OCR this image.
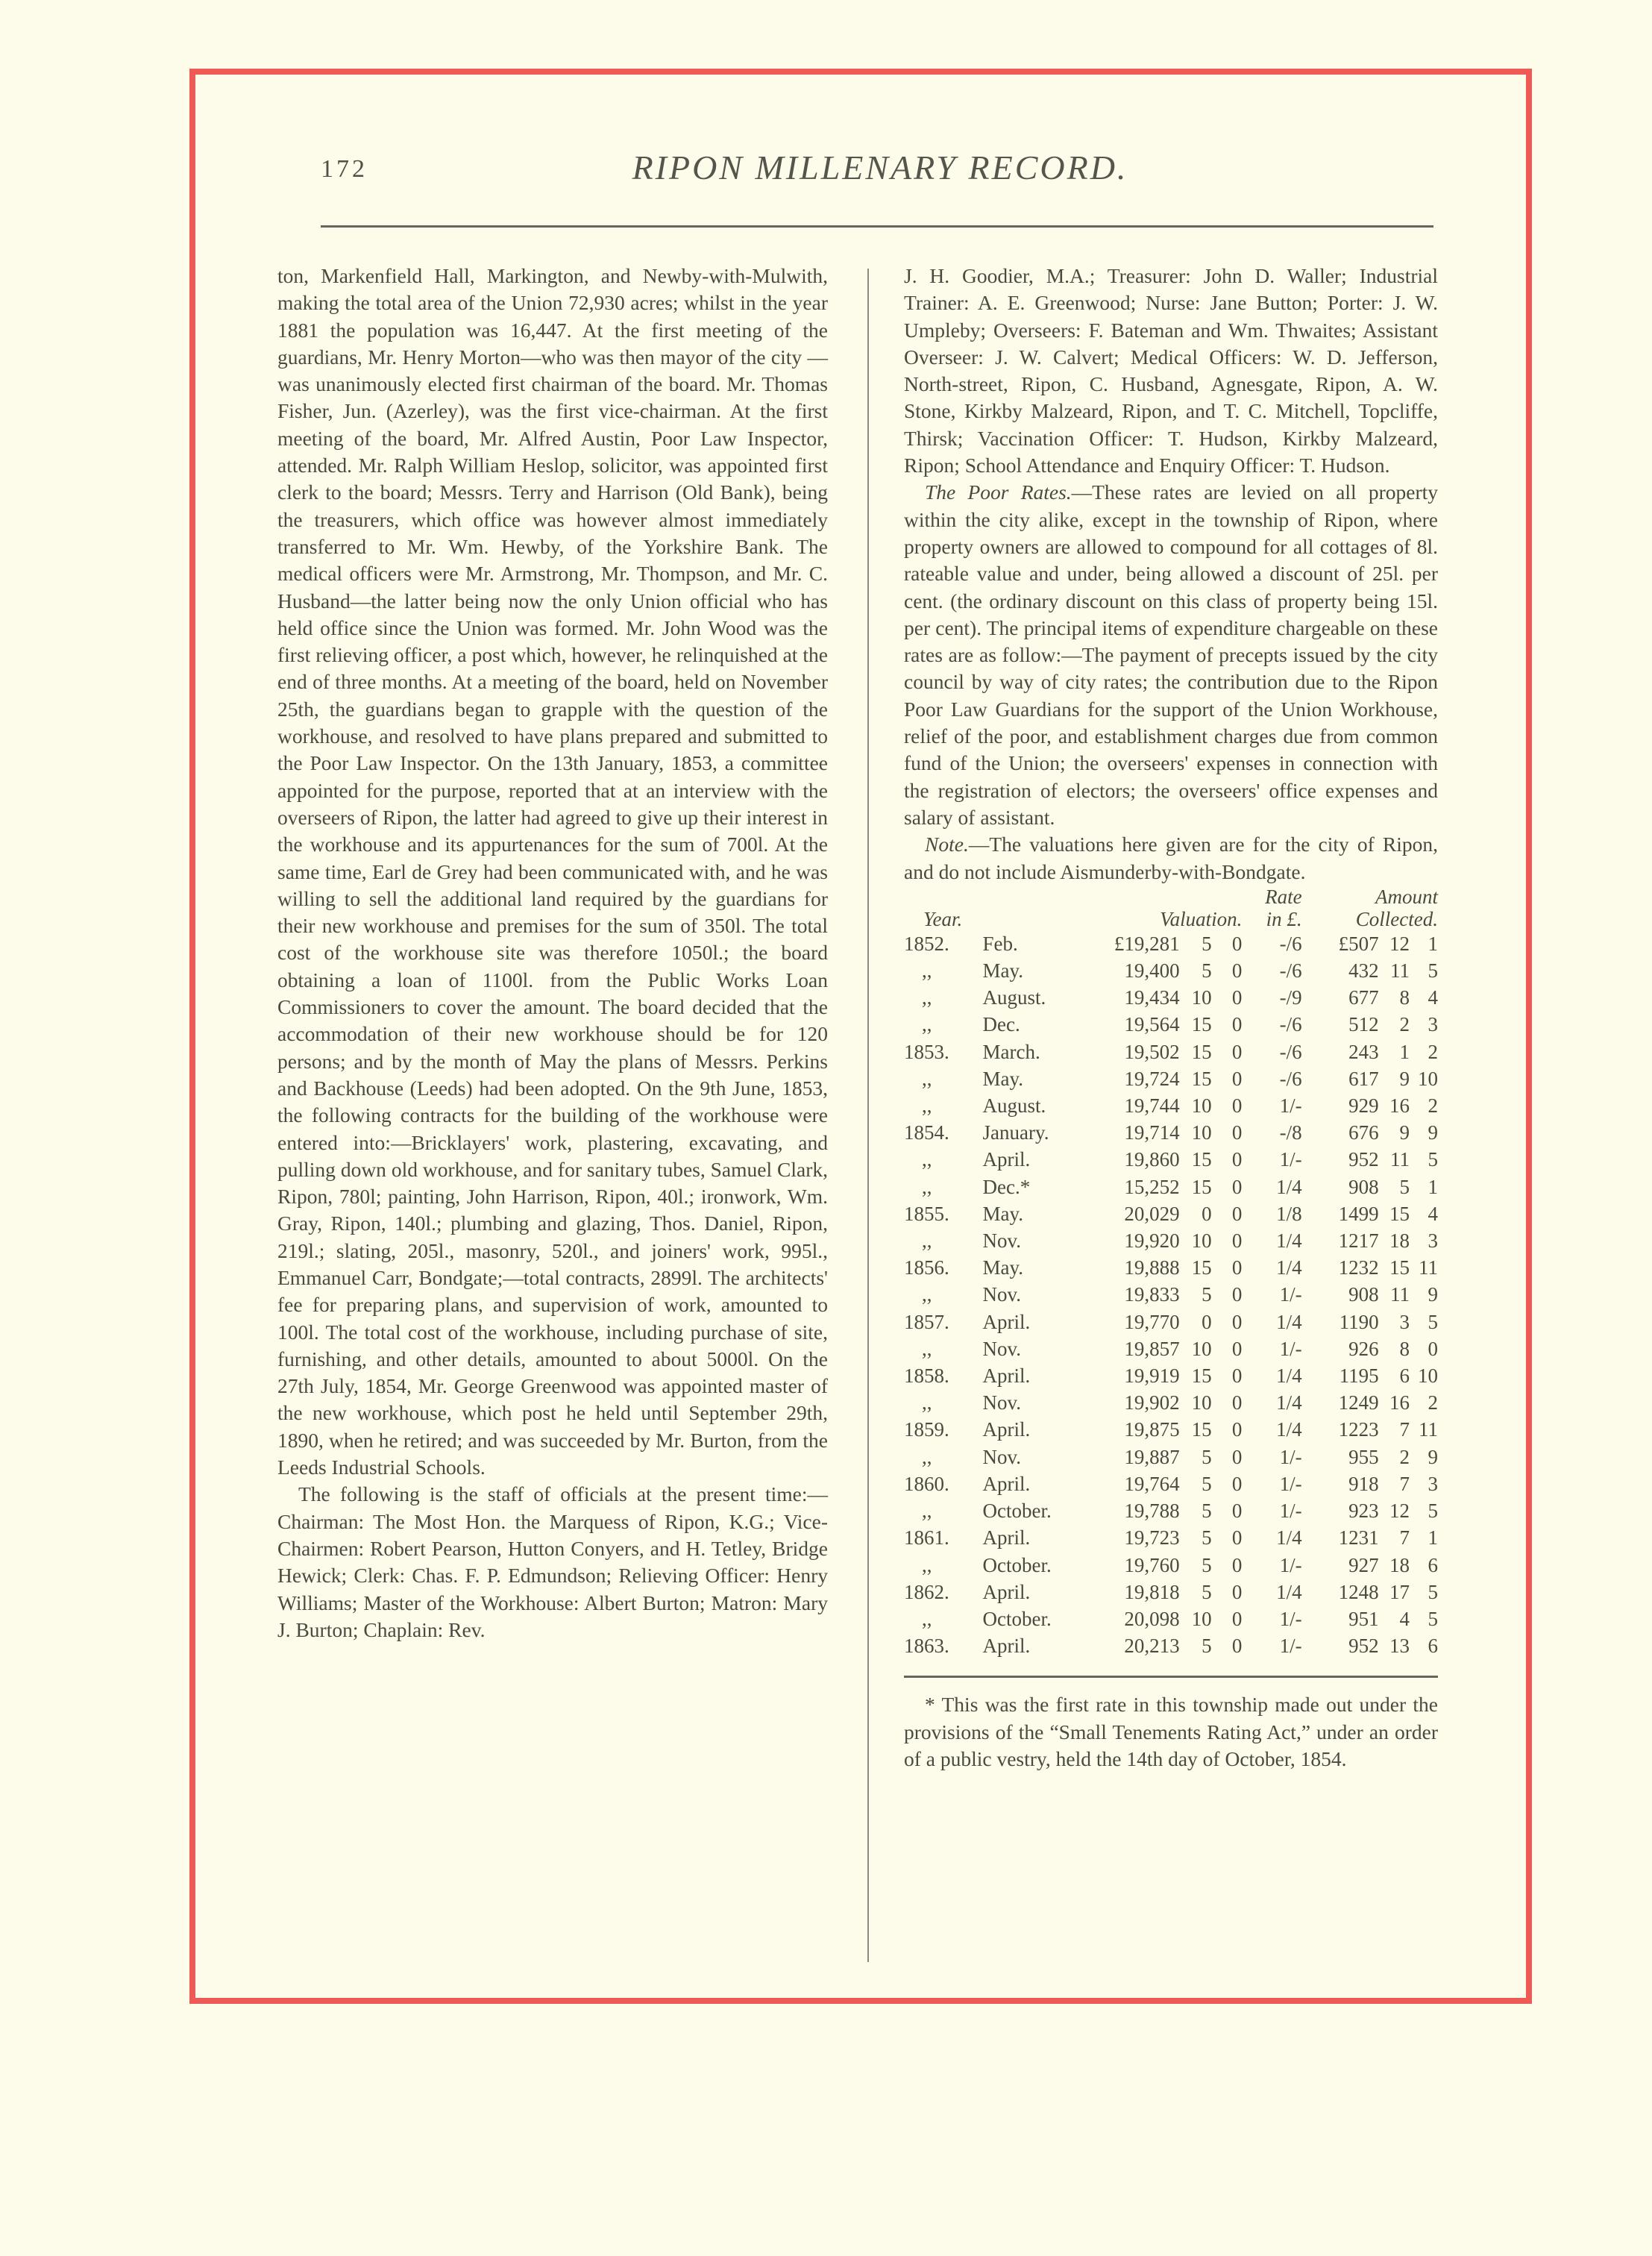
172	RIPON MILLENARY RECORD.

ton, Markenfield Hall, Markington, and Newby-with-Mulwith, making the total area of the Union 72,930 acres; whilst in the year 1881 the population was 16,447. At the first meeting of the guardians, Mr. Henry Morton—who was then mayor of the city —was unanimously elected first chairman of the board. Mr. Thomas Fisher, Jun. (Azerley), was the first vice-chairman. At the first meeting of the board, Mr. Alfred Austin, Poor Law Inspector, attended. Mr. Ralph William Heslop, solicitor, was appointed first clerk to the board; Messrs. Terry and Harrison (Old Bank), being the treasurers, which office was however almost immediately transferred to Mr. Wm. Hewby, of the Yorkshire Bank. The medical officers were Mr. Armstrong, Mr. Thompson, and Mr. C. Husband—the latter being now the only Union official who has held office since the Union was formed. Mr. John Wood was the first relieving officer, a post which, however, he relinquished at the end of three months. At a meeting of the board, held on November 25th, the guardians began to grapple with the question of the workhouse, and resolved to have plans prepared and submitted to the Poor Law Inspector. On the 13th January, 1853, a committee appointed for the purpose, reported that at an interview with the overseers of Ripon, the latter had agreed to give up their interest in the workhouse and its appurtenances for the sum of 700l. At the same time, Earl de Grey had been communicated with, and he was willing to sell the additional land required by the guardians for their new workhouse and premises for the sum of 350l. The total cost of the workhouse site was therefore 1050l.; the board obtaining a loan of 1100l. from the Public Works Loan Commissioners to cover the amount. The board decided that the accommodation of their new workhouse should be for 120 persons; and by the month of May the plans of Messrs. Perkins and Backhouse (Leeds) had been adopted. On the 9th June, 1853, the following contracts for the building of the workhouse were entered into:—Bricklayers' work, plastering, excavating, and pulling down old workhouse, and for sanitary tubes, Samuel Clark, Ripon, 780l; painting, John Harrison, Ripon, 40l.; ironwork, Wm. Gray, Ripon, 140l.; plumbing and glazing, Thos. Daniel, Ripon, 219l.; slating, 205l., masonry, 520l., and joiners' work, 995l., Emmanuel Carr, Bondgate;—total contracts, 2899l. The architects' fee for preparing plans, and supervision of work, amounted to 100l. The total cost of the workhouse, including purchase of site, furnishing, and other details, amounted to about 5000l. On the 27th July, 1854, Mr. George Greenwood was appointed master of the new workhouse, which post he held until September 29th, 1890, when he retired; and was succeeded by Mr. Burton, from the Leeds Industrial Schools.

The following is the staff of officials at the present time:—Chairman: The Most Hon. the Marquess of Ripon, K.G.; Vice-Chairmen: Robert Pearson, Hutton Conyers, and H. Tetley, Bridge Hewick; Clerk: Chas. F. P. Edmundson; Relieving Officer: Henry Williams; Master of the Workhouse: Albert Burton; Matron: Mary J. Burton; Chaplain: Rev.

J. H. Goodier, M.A.; Treasurer: John D. Waller; Industrial Trainer: A. E. Greenwood; Nurse: Jane Button; Porter: J. W. Umpleby; Overseers: F. Bateman and Wm. Thwaites; Assistant Overseer: J. W. Calvert; Medical Officers: W. D. Jefferson, North-street, Ripon, C. Husband, Agnesgate, Ripon, A. W. Stone, Kirkby Malzeard, Ripon, and T. C. Mitchell, Topcliffe, Thirsk; Vaccination Officer: T. Hudson, Kirkby Malzeard, Ripon; School Attendance and Enquiry Officer: T. Hudson.

The Poor Rates.—These rates are levied on all property within the city alike, except in the township of Ripon, where property owners are allowed to compound for all cottages of 8l. rateable value and under, being allowed a discount of 25l. per cent. (the ordinary discount on this class of property being 15l. per cent). The principal items of expenditure chargeable on these rates are as follow:—The payment of precepts issued by the city council by way of city rates; the contribution due to the Ripon Poor Law Guardians for the support of the Union Workhouse, relief of the poor, and establishment charges due from common fund of the Union; the overseers' expenses in connection with the registration of electors; the overseers' office expenses and salary of assistant.

Note.—The valuations here given are for the city of Ripon, and do not include Aismunderby-with-Bondgate.

					Rate	Amount		
Year.		Valuation.			in £.	Collected.		
1852.	Feb.	£19,281	5	0	-/6	£507	12	1
,,	May.	19,400	5	0	-/6	432	11	5
,,	August.	19,434	10	0	-/9	677	8	4
,,	Dec.	19,564	15	0	-/6	512	2	3
1853.	March.	19,502	15	0	-/6	243	1	2
,,	May.	19,724	15	0	-/6	617	9	10
,,	August.	19,744	10	0	1/-	929	16	2
1854.	January.	19,714	10	0	-/8	676	9	9
,,	April.	19,860	15	0	1/-	952	11	5
,,	Dec.*	15,252	15	0	1/4	908	5	1
1855.	May.	20,029	0	0	1/8	1499	15	4
,,	Nov.	19,920	10	0	1/4	1217	18	3
1856.	May.	19,888	15	0	1/4	1232	15	11
,,	Nov.	19,833	5	0	1/-	908	11	9
1857.	April.	19,770	0	0	1/4	1190	3	5
,,	Nov.	19,857	10	0	1/-	926	8	0
1858.	April.	19,919	15	0	1/4	1195	6	10
,,	Nov.	19,902	10	0	1/4	1249	16	2
1859.	April.	19,875	15	0	1/4	1223	7	11
,,	Nov.	19,887	5	0	1/-	955	2	9
1860.	April.	19,764	5	0	1/-	918	7	3
,,	October.	19,788	5	0	1/-	923	12	5
1861.	April.	19,723	5	0	1/4	1231	7	1
,,	October.	19,760	5	0	1/-	927	18	6
1862.	April.	19,818	5	0	1/4	1248	17	5
,,	October.	20,098	10	0	1/-	951	4	5
1863.	April.	20,213	5	0	1/-	952	13	6

* This was the first rate in this township made out under the provisions of the “Small Tenements Rating Act,” under an order of a public vestry, held the 14th day of October, 1854.
